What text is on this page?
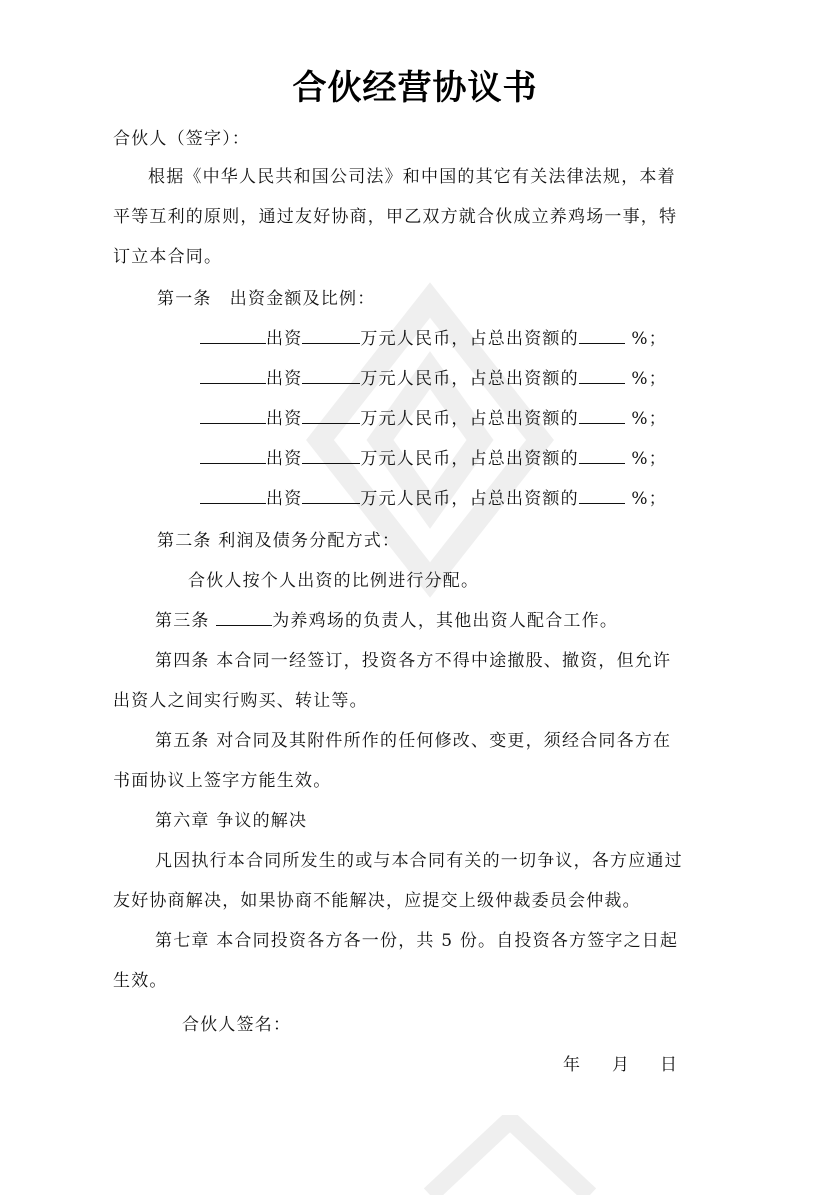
合伙经营协议书
合伙人（签字）：
根据《中华人民共和国公司法》和中国的其它有关法律法规，本着
平等互利的原则，通过友好协商，甲乙双方就合伙成立养鸡场一事，特
订立本合同。
第一条　出资金额及比例：
出资	万元人民币，占总出资额的	%；
出资	万元人民币，占总出资额的	%；
出资	万元人民币，占总出资额的	%；
出资	万元人民币，占总出资额的	%；
出资	万元人民币，占总出资额的	%；
第二条 利润及债务分配方式：
合伙人按个人出资的比例进行分配。
第三条	为养鸡场的负责人，其他出资人配合工作。
第四条 本合同一经签订，投资各方不得中途撤股、撤资，但允许
出资人之间实行购买、转让等。
第五条 对合同及其附件所作的任何修改、变更，须经合同各方在
书面协议上签字方能生效。
第六章 争议的解决
凡因执行本合同所发生的或与本合同有关的一切争议，各方应通过
友好协商解决，如果协商不能解决，应提交上级仲裁委员会仲裁。
第七章 本合同投资各方各一份，共 5 份。自投资各方签字之日起
生效。
合伙人签名：
年 月 日
